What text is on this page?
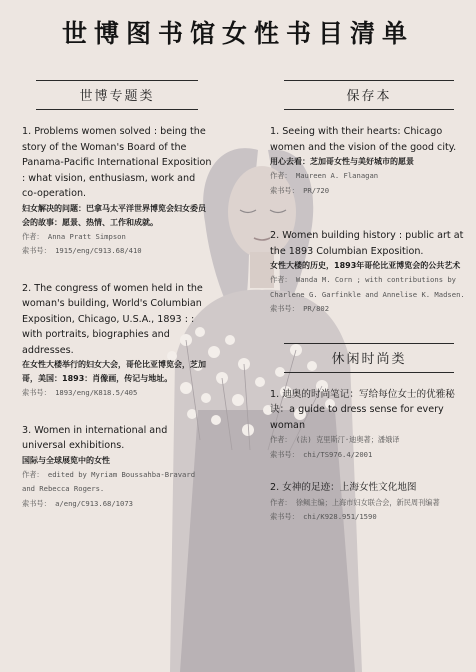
世博图书馆女性书目清单
世博专题类
1. Problems women solved : being the story of the Woman's Board of the Panama-Pacific International Exposition : what vision, enthusiasm, work and co-operation.
妇女解决的问题：巴拿马太平洋世界博览会妇女委员会的故事：愿景、热情、工作和成就。
作者： Anna Pratt Simpson
索书号： 1915/eng/C913.68/410
2. The congress of women held in the woman's building, World's Columbian Exposition, Chicago, U.S.A., 1893 : : with portraits, biographies and addresses.
在女性大楼举行的妇女大会，哥伦比亚博览会，芝加哥，美国：1893：肖像画，传记与地址。
索书号： 1893/eng/K818.5/405
3. Women in international and universal exhibitions.
国际与全球展览中的女性
作者： edited by Myriam Boussahba-Bravard and Rebecca Rogers.
索书号： a/eng/C913.68/1073
保存本
1. Seeing with their hearts: Chicago women and the vision of the good city.
用心去看：芝加哥女性与美好城市的愿景
作者： Maureen A. Flanagan
索书号： PR/720
2. Women building history : public art at the 1893 Columbian Exposition.
女性大楼的历史，1893年哥伦比亚博览会的公共艺术
作者： Wanda M. Corn ; with contributions by Charlene G. Garfinkle and Annelise K. Madsen.
索书号： PR/802
休闲时尚类
1. 迪奥的时尚笔记：写给每位女士的优雅秘诀：a guide to dress sense for every woman
作者： (法) 克里斯汀·迪奥著；潘娥译
索书号： chi/TS976.4/2001
2. 女神的足迹：上海女性文化地图
作者： 徐鲺主编；上海市妇女联合会，新民周刊编著
索书号： chi/K928.951/1590
